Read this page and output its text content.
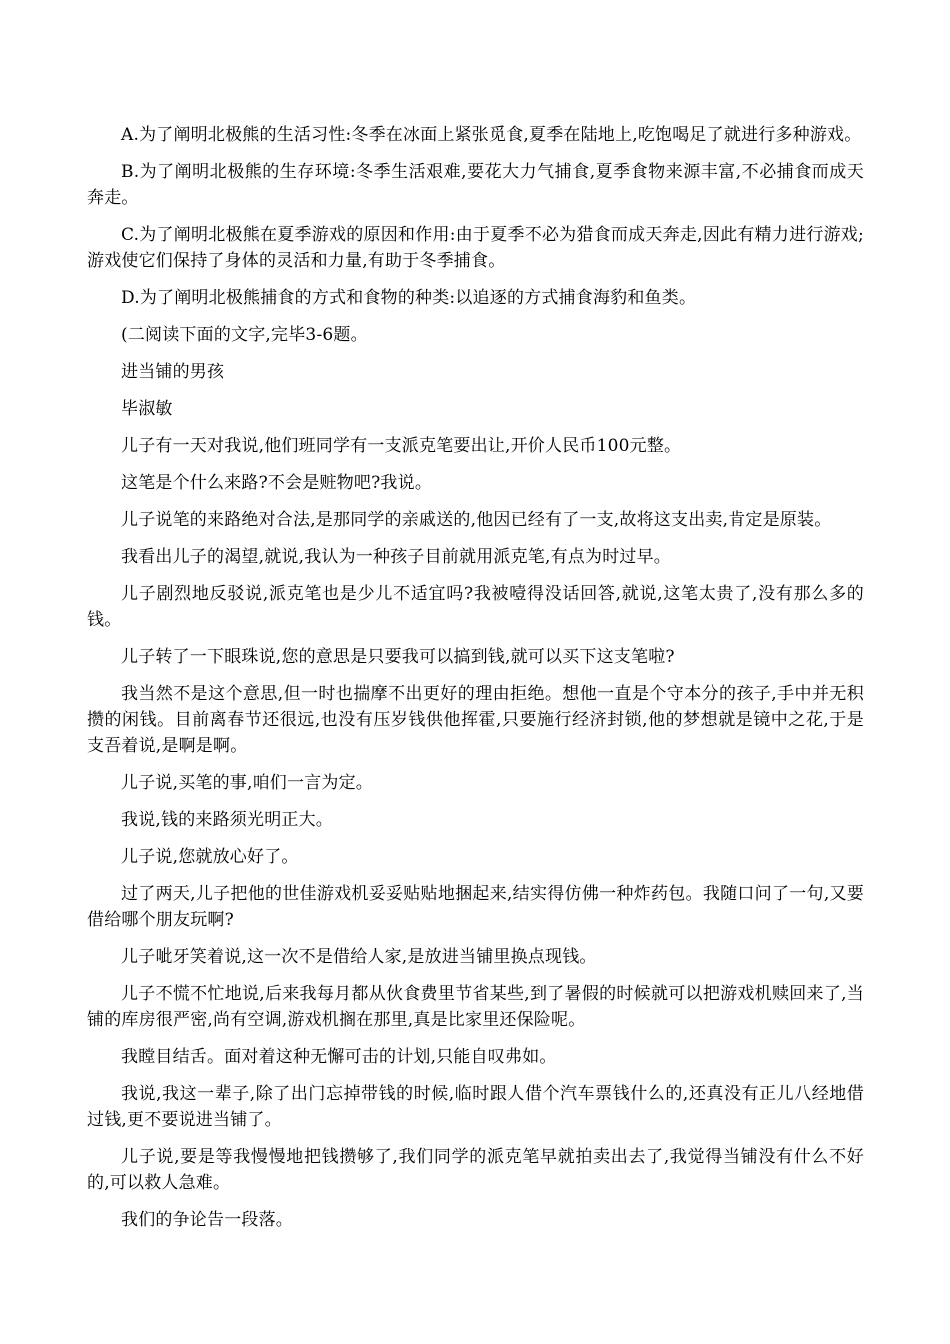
A.为了阐明北极熊的生活习性:冬季在冰面上紧张觅食,夏季在陆地上,吃饱喝足了就进行多种游戏。

B.为了阐明北极熊的生存环境:冬季生活艰难,要花大力气捕食,夏季食物来源丰富,不必捕食而成天奔走。

C.为了阐明北极熊在夏季游戏的原因和作用:由于夏季不必为猎食而成天奔走,因此有精力进行游戏;游戏使它们保持了身体的灵活和力量,有助于冬季捕食。

D.为了阐明北极熊捕食的方式和食物的种类:以追逐的方式捕食海豹和鱼类。

(二阅读下面的文字,完毕3-6题。

进当铺的男孩

毕淑敏

儿子有一天对我说,他们班同学有一支派克笔要出让,开价人民币100元整。

这笔是个什么来路?不会是赃物吧?我说。

儿子说笔的来路绝对合法,是那同学的亲戚送的,他因已经有了一支,故将这支出卖,肯定是原装。

我看出儿子的渴望,就说,我认为一种孩子目前就用派克笔,有点为时过早。

儿子剧烈地反驳说,派克笔也是少儿不适宜吗?我被噎得没话回答,就说,这笔太贵了,没有那么多的钱。

儿子转了一下眼珠说,您的意思是只要我可以搞到钱,就可以买下这支笔啦?

我当然不是这个意思,但一时也揣摩不出更好的理由拒绝。想他一直是个守本分的孩子,手中并无积攒的闲钱。目前离春节还很远,也没有压岁钱供他挥霍,只要施行经济封锁,他的梦想就是镜中之花,于是支吾着说,是啊是啊。

儿子说,买笔的事,咱们一言为定。

我说,钱的来路须光明正大。

儿子说,您就放心好了。

过了两天,儿子把他的世佳游戏机妥妥贴贴地捆起来,结实得仿佛一种炸药包。我随口问了一句,又要借给哪个朋友玩啊?

儿子呲牙笑着说,这一次不是借给人家,是放进当铺里换点现钱。

儿子不慌不忙地说,后来我每月都从伙食费里节省某些,到了暑假的时候就可以把游戏机赎回来了,当铺的库房很严密,尚有空调,游戏机搁在那里,真是比家里还保险呢。

我瞠目结舌。面对着这种无懈可击的计划,只能自叹弗如。

我说,我这一辈子,除了出门忘掉带钱的时候,临时跟人借个汽车票钱什么的,还真没有正儿八经地借过钱,更不要说进当铺了。

儿子说,要是等我慢慢地把钱攒够了,我们同学的派克笔早就拍卖出去了,我觉得当铺没有什么不好的,可以救人急难。

我们的争论告一段落。
